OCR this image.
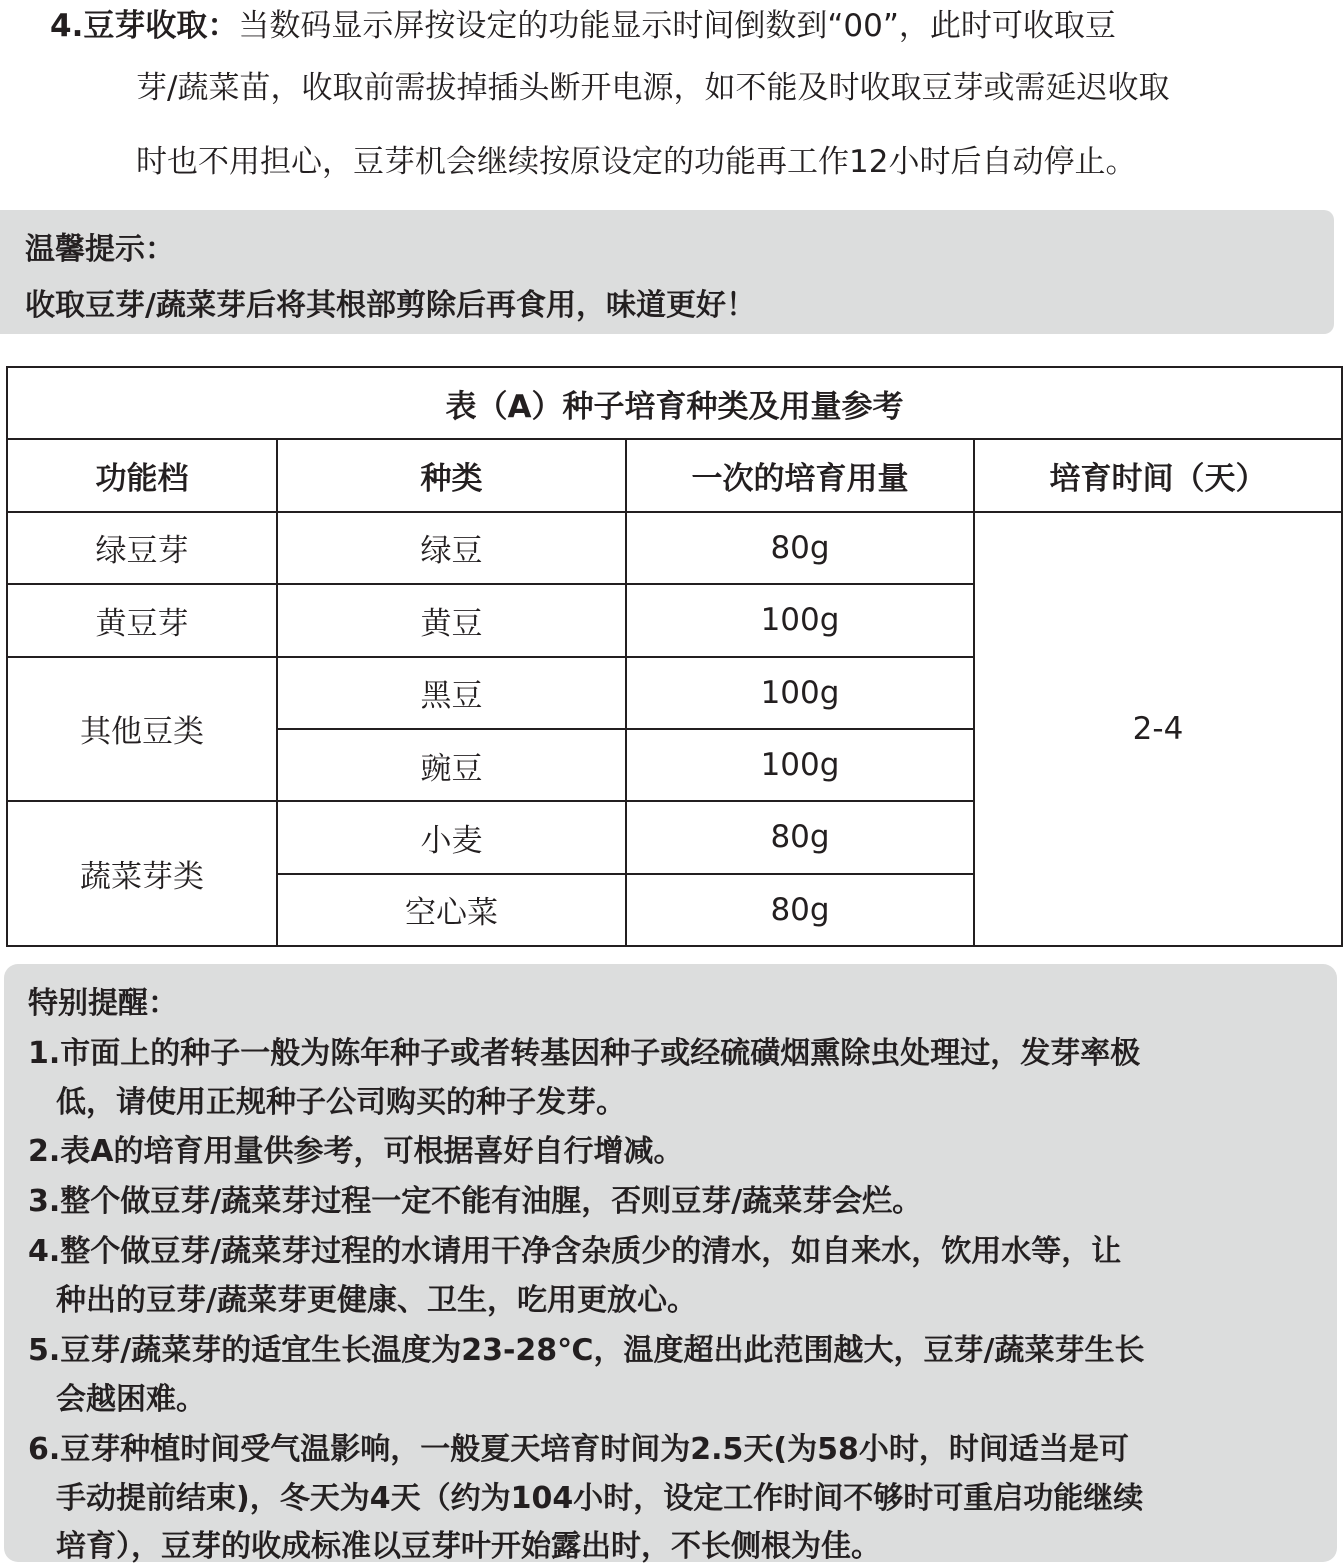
4.豆芽收取：当数码显示屏按设定的功能显示时间倒数到“00”，此时可收取豆
芽/蔬菜苗，收取前需拔掉插头断开电源，如不能及时收取豆芽或需延迟收取
时也不用担心，豆芽机会继续按原设定的功能再工作12小时后自动停止。
温馨提示：
收取豆芽/蔬菜芽后将其根部剪除后再食用，味道更好！
表（A）种子培育种类及用量参考			
功能档	种类	一次的培育用量	培育时间（天）
绿豆芽	绿豆	80g	2-4
黄豆芽	黄豆	100g	
其他豆类	黑豆	100g	
	豌豆	100g	
蔬菜芽类	小麦	80g	
	空心菜	80g	
特别提醒：
1.市面上的种子一般为陈年种子或者转基因种子或经硫磺烟熏除虫处理过，发芽率极
低，请使用正规种子公司购买的种子发芽。
2.表A的培育用量供参考，可根据喜好自行增减。
3.整个做豆芽/蔬菜芽过程一定不能有油腥，否则豆芽/蔬菜芽会烂。
4.整个做豆芽/蔬菜芽过程的水请用干净含杂质少的清水，如自来水，饮用水等，让
种出的豆芽/蔬菜芽更健康、卫生，吃用更放心。
5.豆芽/蔬菜芽的适宜生长温度为23-28℃，温度超出此范围越大，豆芽/蔬菜芽生长
会越困难。
6.豆芽种植时间受气温影响，一般夏天培育时间为2.5天(为58小时，时间适当是可
手动提前结束)，冬天为4天（约为104小时，设定工作时间不够时可重启功能继续
培育），豆芽的收成标准以豆芽叶开始露出时，不长侧根为佳。
